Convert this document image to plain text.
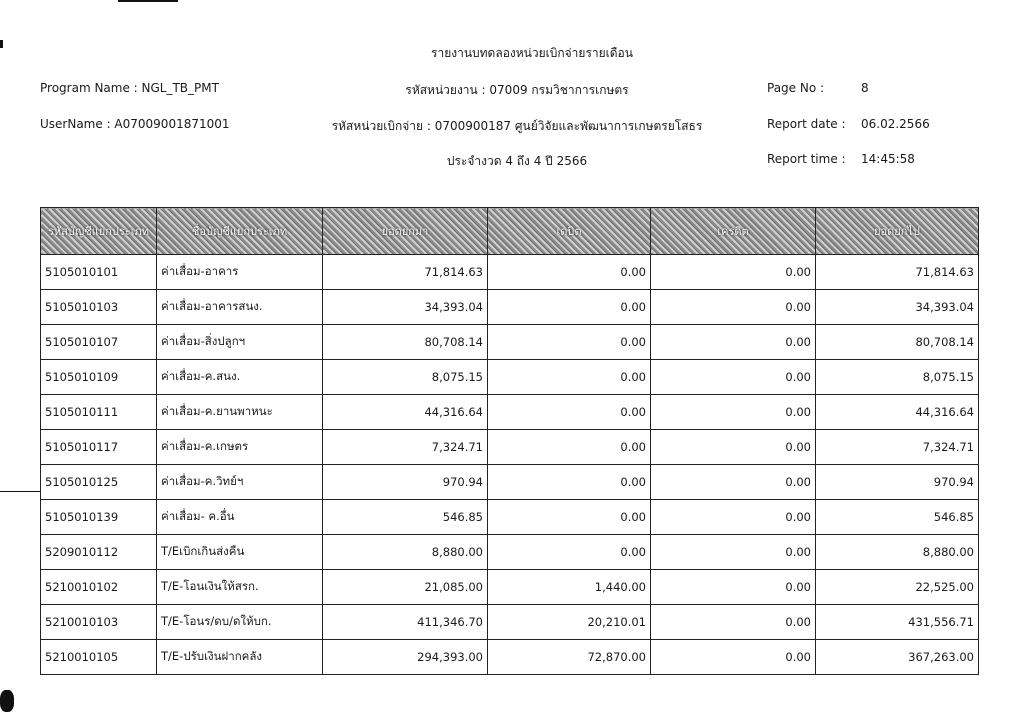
รายงานบทดลองหน่วยเบิกจ่ายรายเดือน
Program Name : NGL_TB_PMT
UserName : A07009001871001
รหัสหน่วยงาน : 07009 กรมวิชาการเกษตร
รหัสหน่วยเบิกจ่าย : 0700900187 ศูนย์วิจัยและพัฒนาการเกษตรยโสธร
ประจำงวด 4 ถึง 4 ปี 2566
Page No :	8
Report date : 06.02.2566
Report time : 14:45:58
รหัสบัญชีแยกประเภท	ชื่อบัญชีแยกประเภท	ยอดยกมา	เดบิต	เครดิต	ยอดยกไป
5105010101	ค่าเสื่อม-อาคาร	71,814.63	0.00	0.00	71,814.63
5105010103	ค่าเสื่อม-อาคารสนง.	34,393.04	0.00	0.00	34,393.04
5105010107	ค่าเสื่อม-สิ่งปลูกฯ	80,708.14	0.00	0.00	80,708.14
5105010109	ค่าเสื่อม-ค.สนง.	8,075.15	0.00	0.00	8,075.15
5105010111	ค่าเสื่อม-ค.ยานพาหนะ	44,316.64	0.00	0.00	44,316.64
5105010117	ค่าเสื่อม-ค.เกษตร	7,324.71	0.00	0.00	7,324.71
5105010125	ค่าเสื่อม-ค.วิทย์ฯ	970.94	0.00	0.00	970.94
5105010139	ค่าเสื่อม- ค.อื่น	546.85	0.00	0.00	546.85
5209010112	T/Eเบิกเกินส่งคืน	8,880.00	0.00	0.00	8,880.00
5210010102	T/E-โอนเงินให้สรก.	21,085.00	1,440.00	0.00	22,525.00
5210010103	T/E-โอนร/ดบ/ดให้บก.	411,346.70	20,210.01	0.00	431,556.71
5210010105	T/E-ปรับเงินฝากคลัง	294,393.00	72,870.00	0.00	367,263.00
